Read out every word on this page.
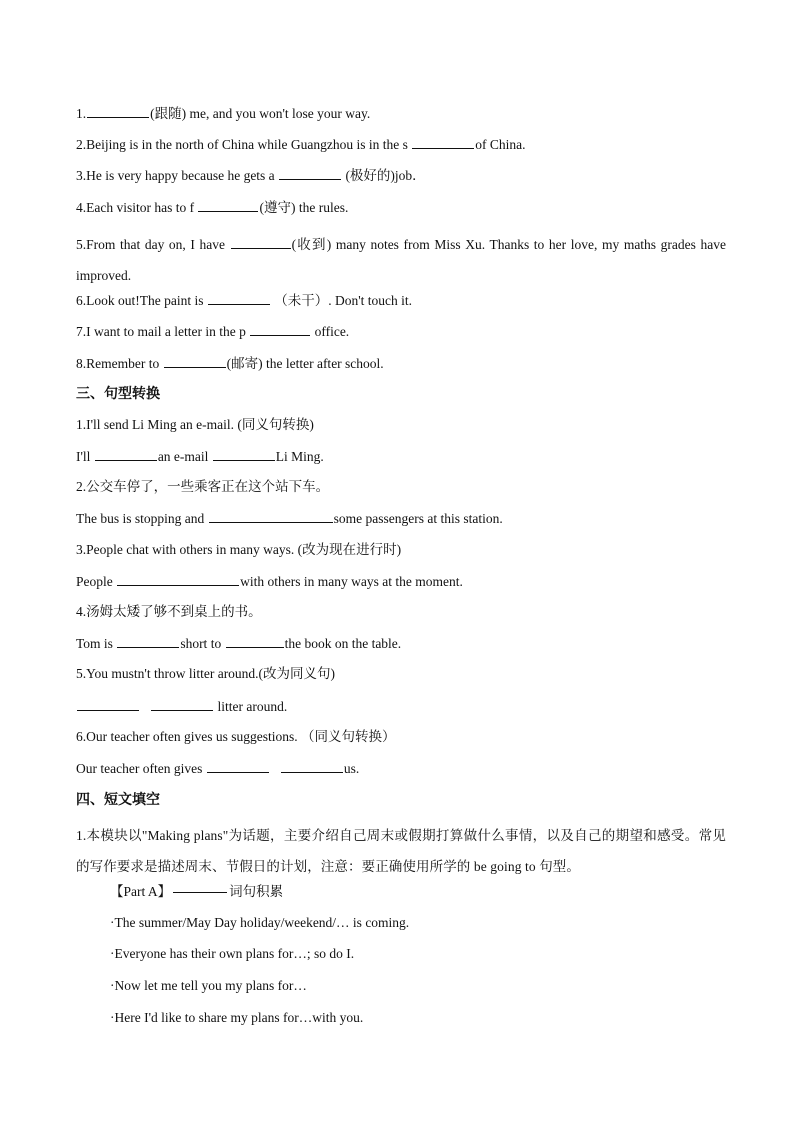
1.	(跟随) me, and you won't lose your way.
2.Beijing is in the north of China while Guangzhou is in the s	of China.
3.He is very happy because he gets a	(极好的)job．
4.Each visitor has to f	(遵守) the rules.
5.From that day on, I have	(收到) many notes from Miss Xu. Thanks to her love, my maths grades have improved.
6.Look out!The paint is	（未干）. Don't touch it.
7.I want to mail a letter in the p	office.
8.Remember to	(邮寄) the letter after school.
三、句型转换
1.I'll send Li Ming an e-mail. (同义句转换)
I'll	an e-mail	Li Ming.
2.公交车停了，一些乘客正在这个站下车。
The bus is stopping and	some passengers at this station.
3.People chat with others in many ways. (改为现在进行时)
People	with others in many ways at the moment.
4.汤姆太矮了够不到桌上的书。
Tom is	short to	the book on the table.
5.You mustn't throw litter around.(改为同义句)
litter around.
6.Our teacher often gives us suggestions. （同义句转换）
Our teacher often gives	us.
四、短文填空
1.本模块以"Making plans"为话题，主要介绍自己周末或假期打算做什么事情，以及自己的期望和感受。常见的写作要求是描述周末、节假日的计划，注意：要正确使用所学的 be going to 句型。
【Part A】	词句积累
·The summer/May Day holiday/weekend/… is coming.
·Everyone has their own plans for…; so do I.
·Now let me tell you my plans for…
·Here I'd like to share my plans for…with you.
